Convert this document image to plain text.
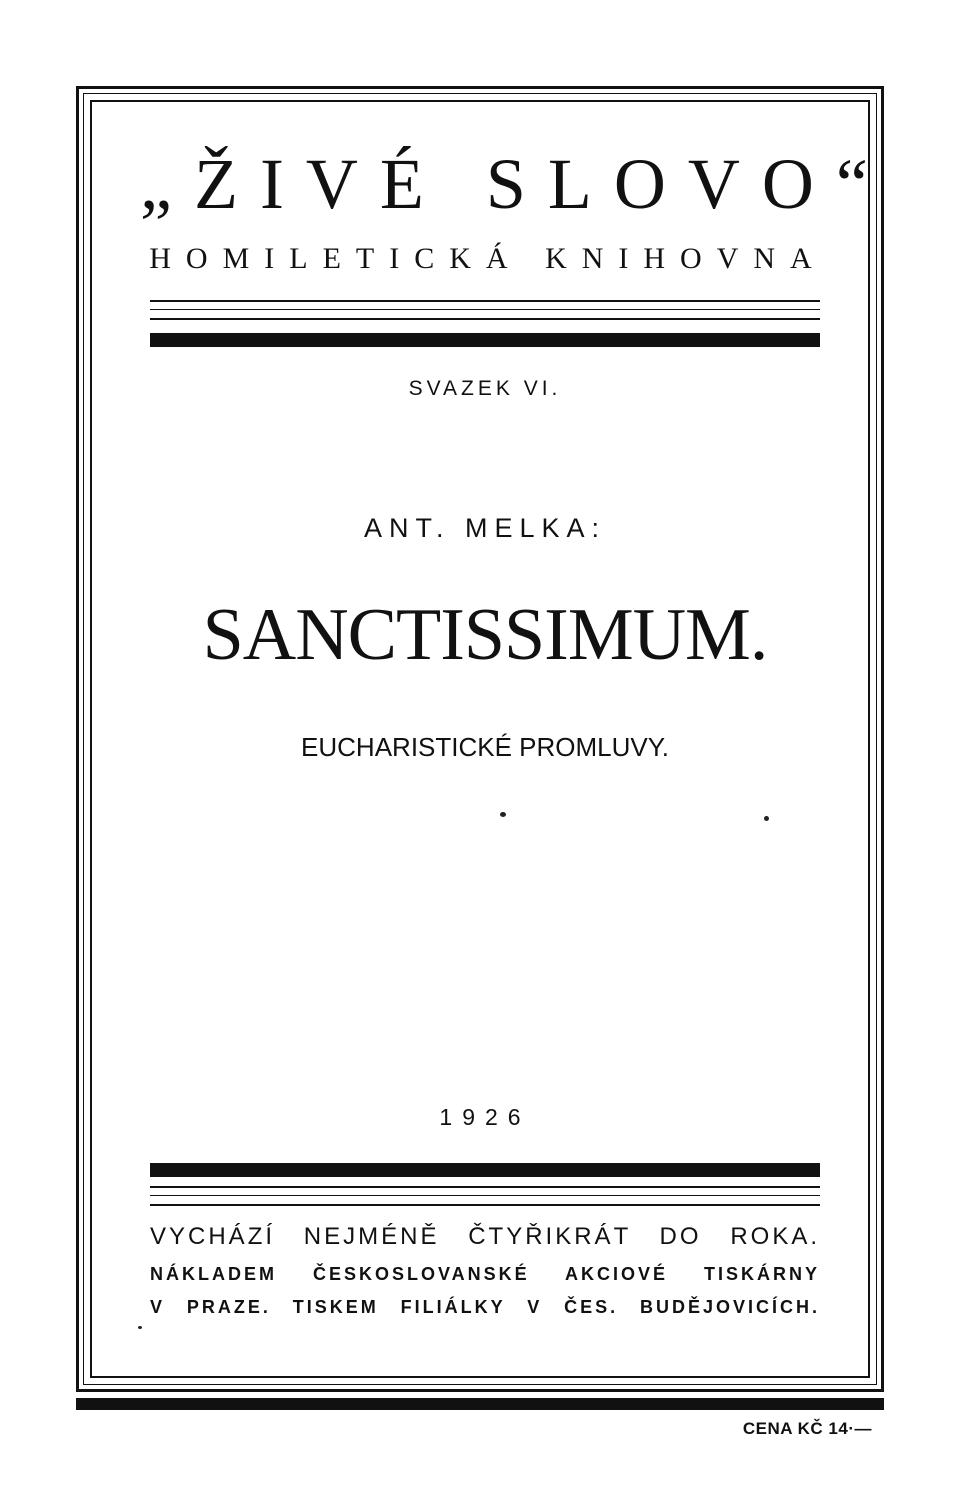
„ŽIVÉ SLOVO“
HOMILETICKÁ KNIHOVNA
SVAZEK VI.
ANT. MELKA:
SANCTISSIMUM.
EUCHARISTICKÉ PROMLUVY.
1926
VYCHÁZÍ NEJMÉNĚ ČTYŘIKRÁT DO ROKA.
NÁKLADEM ČESKOSLOVANSKÉ AKCIOVÉ TISKÁRNY
V PRAZE. TISKEM FILIÁLKY V ČES. BUDĚJOVICÍCH.
CENA KČ 14·—
